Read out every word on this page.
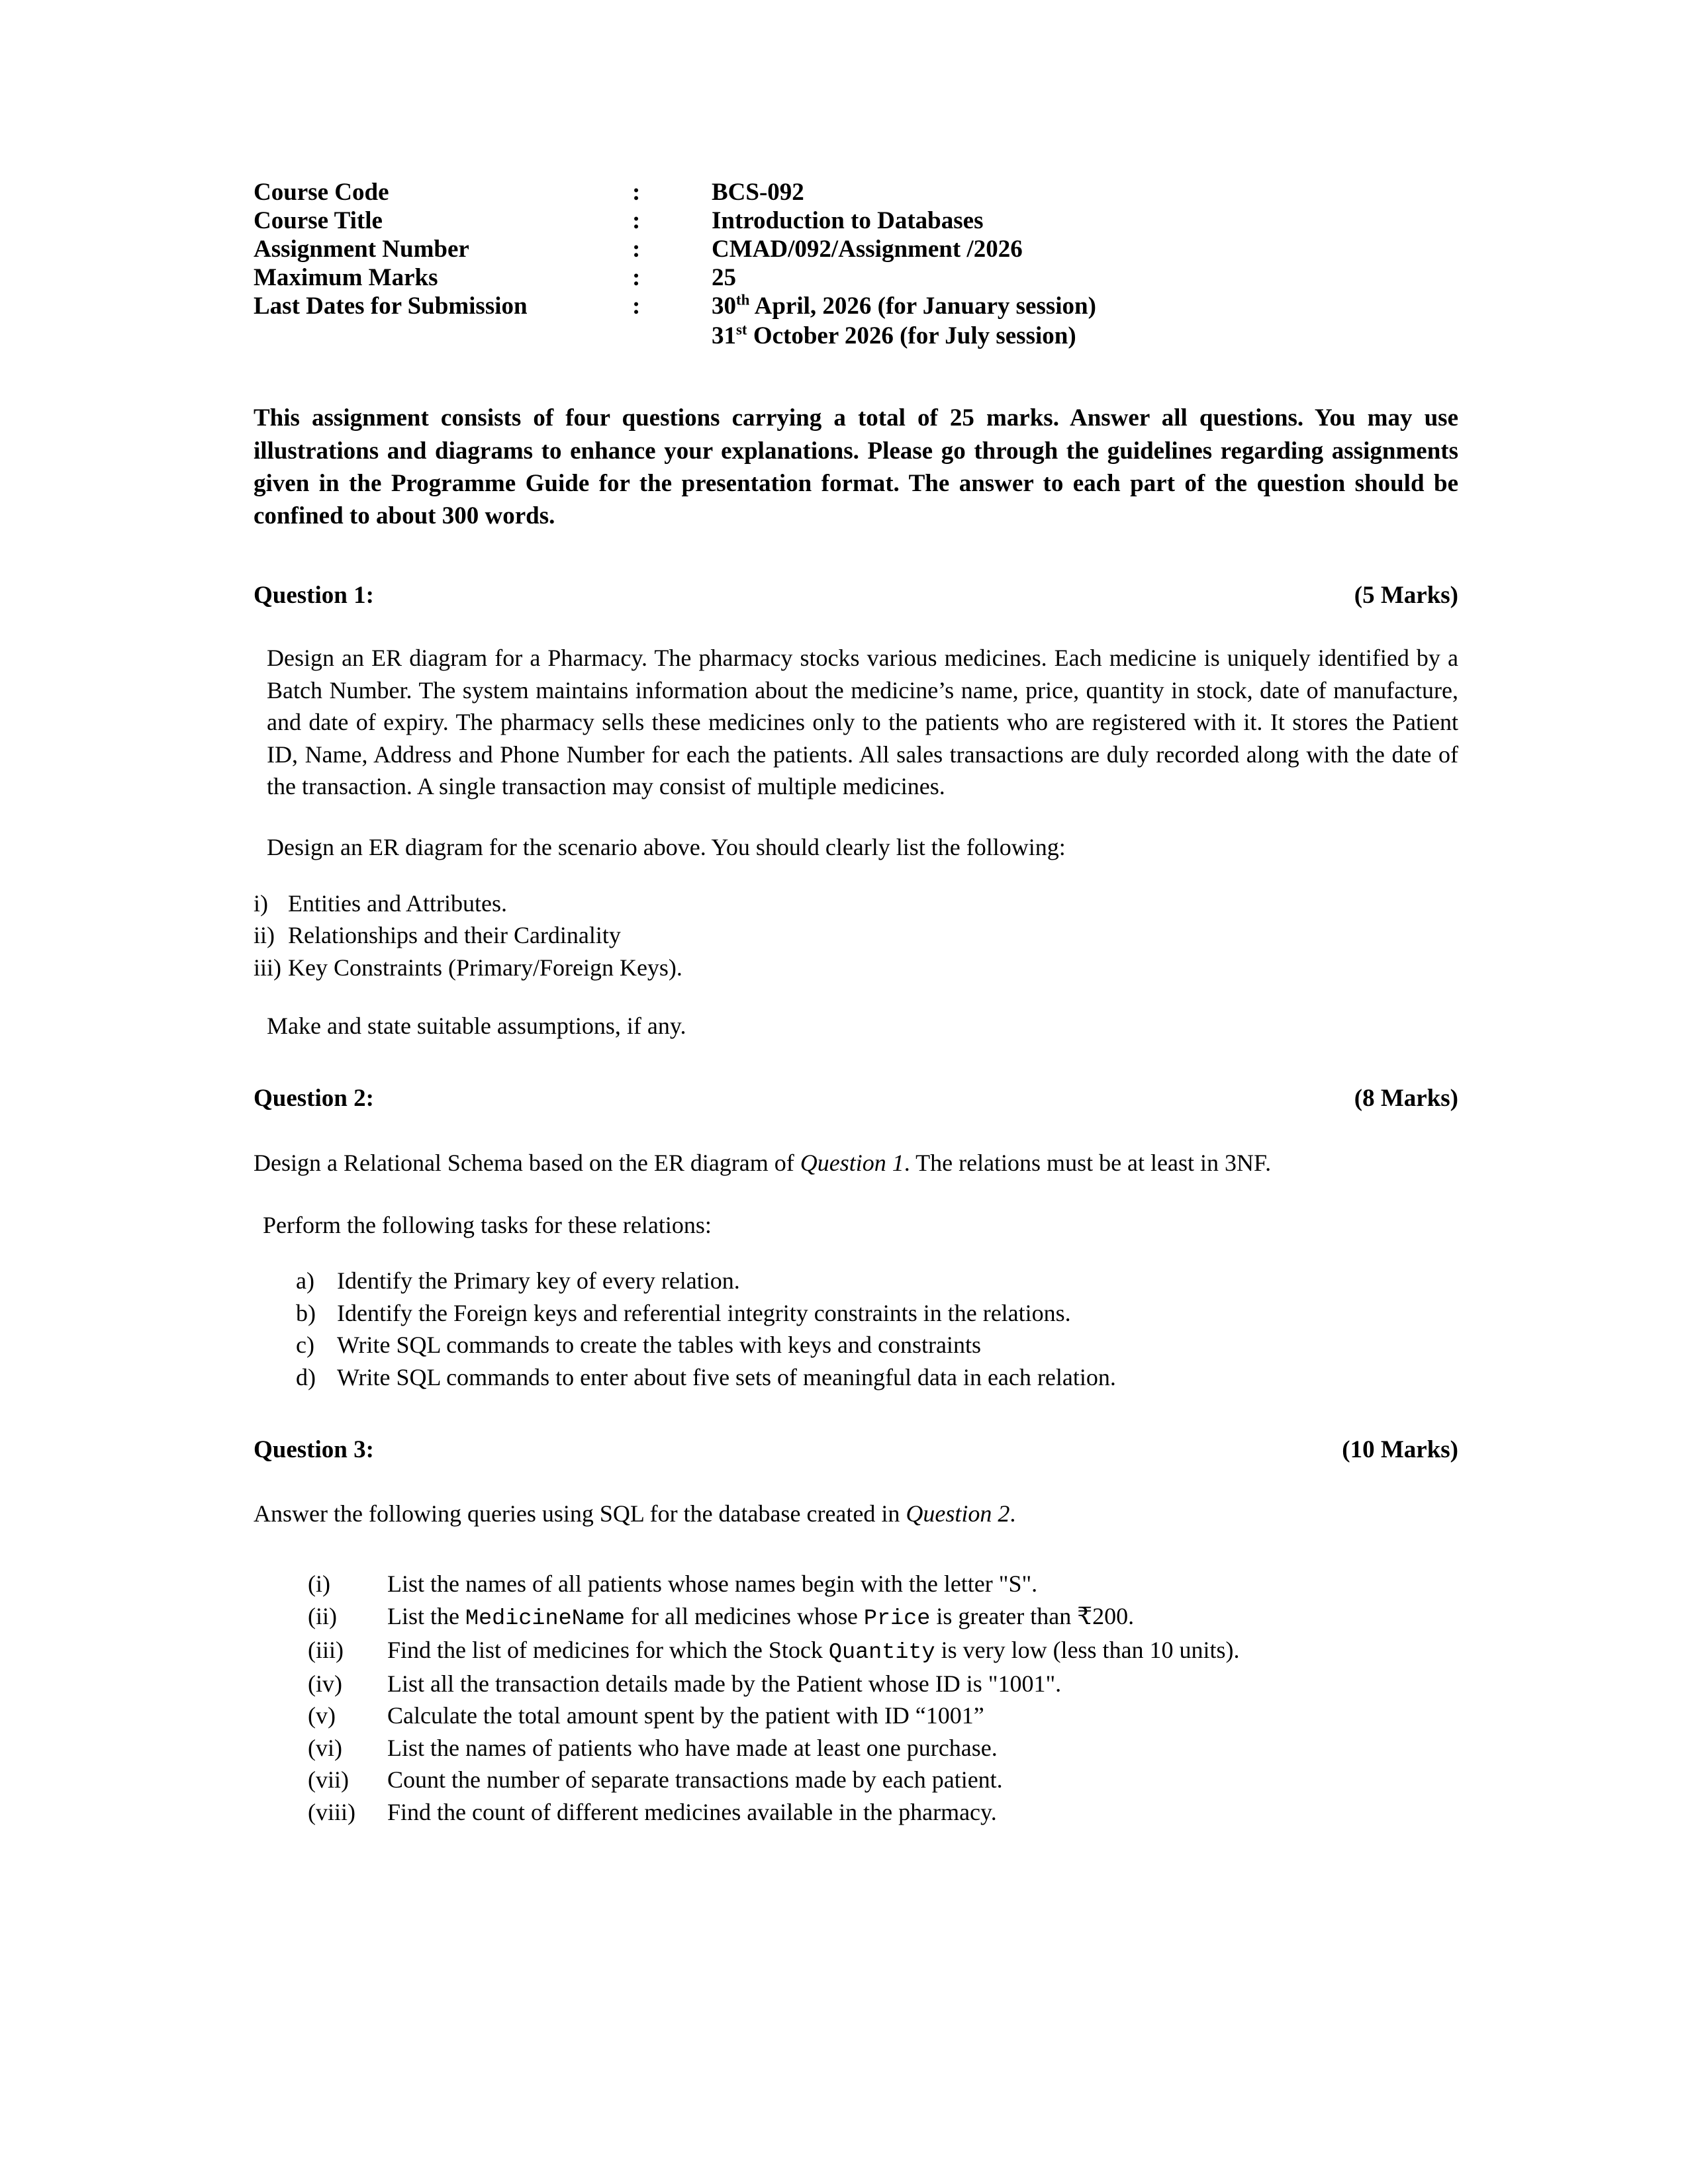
Course Code	:	BCS-092
Course Title	:	Introduction to Databases
Assignment Number	:	CMAD/092/Assignment /2026
Maximum Marks	:	25
Last Dates for Submission	:	30th April, 2026 (for January session)
31st October 2026 (for July session)

This assignment consists of four questions carrying a total of 25 marks. Answer all questions. You may use illustrations and diagrams to enhance your explanations. Please go through the guidelines regarding assignments given in the Programme Guide for the presentation format. The answer to each part of the question should be confined to about 300 words.

Question 1:	(5 Marks)

Design an ER diagram for a Pharmacy. The pharmacy stocks various medicines. Each medicine is uniquely identified by a Batch Number. The system maintains information about the medicine’s name, price, quantity in stock, date of manufacture, and date of expiry. The pharmacy sells these medicines only to the patients who are registered with it. It stores the Patient ID, Name, Address and Phone Number for each the patients. All sales transactions are duly recorded along with the date of the transaction. A single transaction may consist of multiple medicines.

Design an ER diagram for the scenario above. You should clearly list the following:

i) Entities and Attributes.
ii) Relationships and their Cardinality
iii) Key Constraints (Primary/Foreign Keys).

Make and state suitable assumptions, if any.

Question 2:	(8 Marks)

Design a Relational Schema based on the ER diagram of Question 1. The relations must be at least in 3NF.

Perform the following tasks for these relations:

a) Identify the Primary key of every relation.
b) Identify the Foreign keys and referential integrity constraints in the relations.
c) Write SQL commands to create the tables with keys and constraints
d) Write SQL commands to enter about five sets of meaningful data in each relation.
Question 3:	(10 Marks)

Answer the following queries using SQL for the database created in Question 2.

(i)	List the names of all patients whose names begin with the letter "S".
(ii)	List the MedicineName for all medicines whose Price is greater than ₹200.
(iii)	Find the list of medicines for which the Stock Quantity is very low (less than 10 units).
(iv)	List all the transaction details made by the Patient whose ID is "1001".
(v)	Calculate the total amount spent by the patient with ID “1001”
(vi)	List the names of patients who have made at least one purchase.
(vii)	Count the number of separate transactions made by each patient.
(viii)	Find the count of different medicines available in the pharmacy.
